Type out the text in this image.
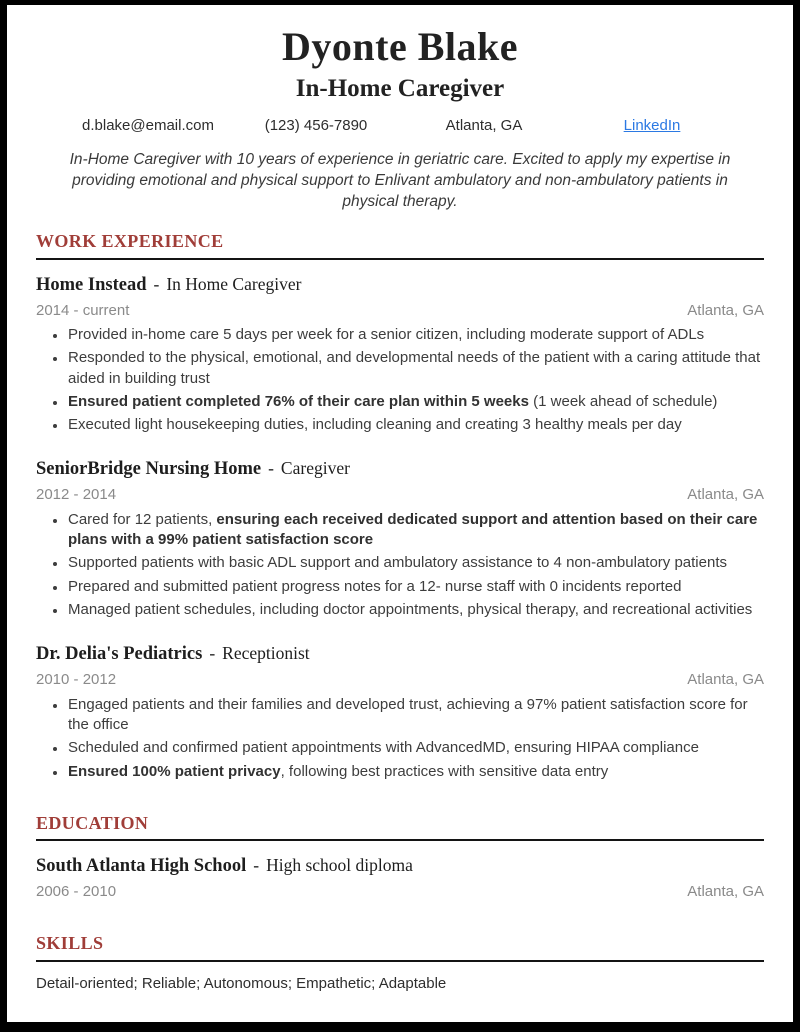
Dyonte Blake
In-Home Caregiver
d.blake@email.com	(123) 456-7890	Atlanta, GA	LinkedIn
In-Home Caregiver with 10 years of experience in geriatric care. Excited to apply my expertise in providing emotional and physical support to Enlivant ambulatory and non-ambulatory patients in physical therapy.
WORK EXPERIENCE
Home Instead - In Home Caregiver
2014 - current	Atlanta, GA
• Provided in-home care 5 days per week for a senior citizen, including moderate support of ADLs
• Responded to the physical, emotional, and developmental needs of the patient with a caring attitude that aided in building trust
• Ensured patient completed 76% of their care plan within 5 weeks (1 week ahead of schedule)
• Executed light housekeeping duties, including cleaning and creating 3 healthy meals per day
SeniorBridge Nursing Home - Caregiver
2012 - 2014	Atlanta, GA
• Cared for 12 patients, ensuring each received dedicated support and attention based on their care plans with a 99% patient satisfaction score
• Supported patients with basic ADL support and ambulatory assistance to 4 non-ambulatory patients
• Prepared and submitted patient progress notes for a 12- nurse staff with 0 incidents reported
• Managed patient schedules, including doctor appointments, physical therapy, and recreational activities
Dr. Delia's Pediatrics - Receptionist
2010 - 2012	Atlanta, GA
• Engaged patients and their families and developed trust, achieving a 97% patient satisfaction score for the office
• Scheduled and confirmed patient appointments with AdvancedMD, ensuring HIPAA compliance
• Ensured 100% patient privacy, following best practices with sensitive data entry
EDUCATION
South Atlanta High School - High school diploma
2006 - 2010	Atlanta, GA
SKILLS
Detail-oriented; Reliable; Autonomous; Empathetic; Adaptable
